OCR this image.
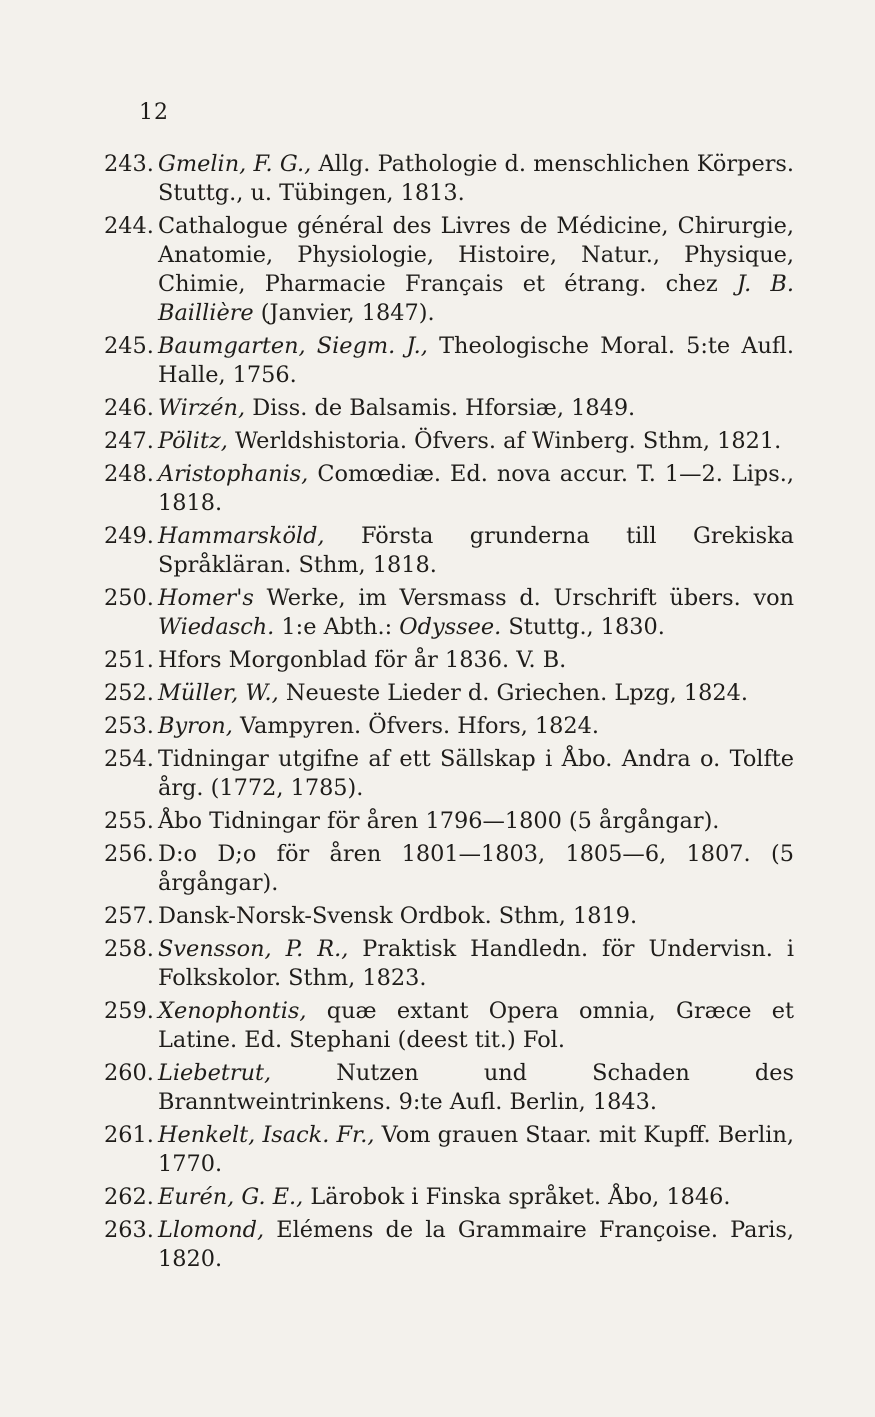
12
243. Gmelin, F. G., Allg. Pathologie d. menschlichen Körpers. Stuttg., u. Tübingen, 1813.
244. Cathalogue général des Livres de Médicine, Chirurgie, Anatomie, Physiologie, Histoire, Natur., Physique, Chimie, Pharmacie Français et étrang. chez J. B. Baillière (Janvier, 1847).
245. Baumgarten, Siegm. J., Theologische Moral. 5:te Aufl. Halle, 1756.
246. Wirzén, Diss. de Balsamis. Hforsiæ, 1849.
247. Pölitz, Werldshistoria. Öfvers. af Winberg. Sthm, 1821.
248. Aristophanis, Comœdiæ. Ed. nova accur. T. 1—2. Lips., 1818.
249. Hammarsköld, Första grunderna till Grekiska Språkläran. Sthm, 1818.
250. Homer's Werke, im Versmass d. Urschrift übers. von Wiedasch. 1:e Abth.: Odyssee. Stuttg., 1830.
251. Hfors Morgonblad för år 1836. V. B.
252. Müller, W., Neueste Lieder d. Griechen. Lpzg, 1824.
253. Byron, Vampyren. Öfvers. Hfors, 1824.
254. Tidningar utgifne af ett Sällskap i Åbo. Andra o. Tolfte årg. (1772, 1785).
255. Åbo Tidningar för åren 1796—1800 (5 årgångar).
256. D:o D;o för åren 1801—1803, 1805—6, 1807. (5 årgångar).
257. Dansk-Norsk-Svensk Ordbok. Sthm, 1819.
258. Svensson, P. R., Praktisk Handledn. för Undervisn. i Folkskolor. Sthm, 1823.
259. Xenophontis, quæ extant Opera omnia, Græce et Latine. Ed. Stephani (deest tit.) Fol.
260. Liebetrut, Nutzen und Schaden des Branntweintrinkens. 9:te Aufl. Berlin, 1843.
261. Henkelt, Isack. Fr., Vom grauen Staar. mit Kupff. Berlin, 1770.
262. Eurén, G. E., Lärobok i Finska språket. Åbo, 1846.
263. Llomond, Elémens de la Grammaire Françoise. Paris, 1820.
